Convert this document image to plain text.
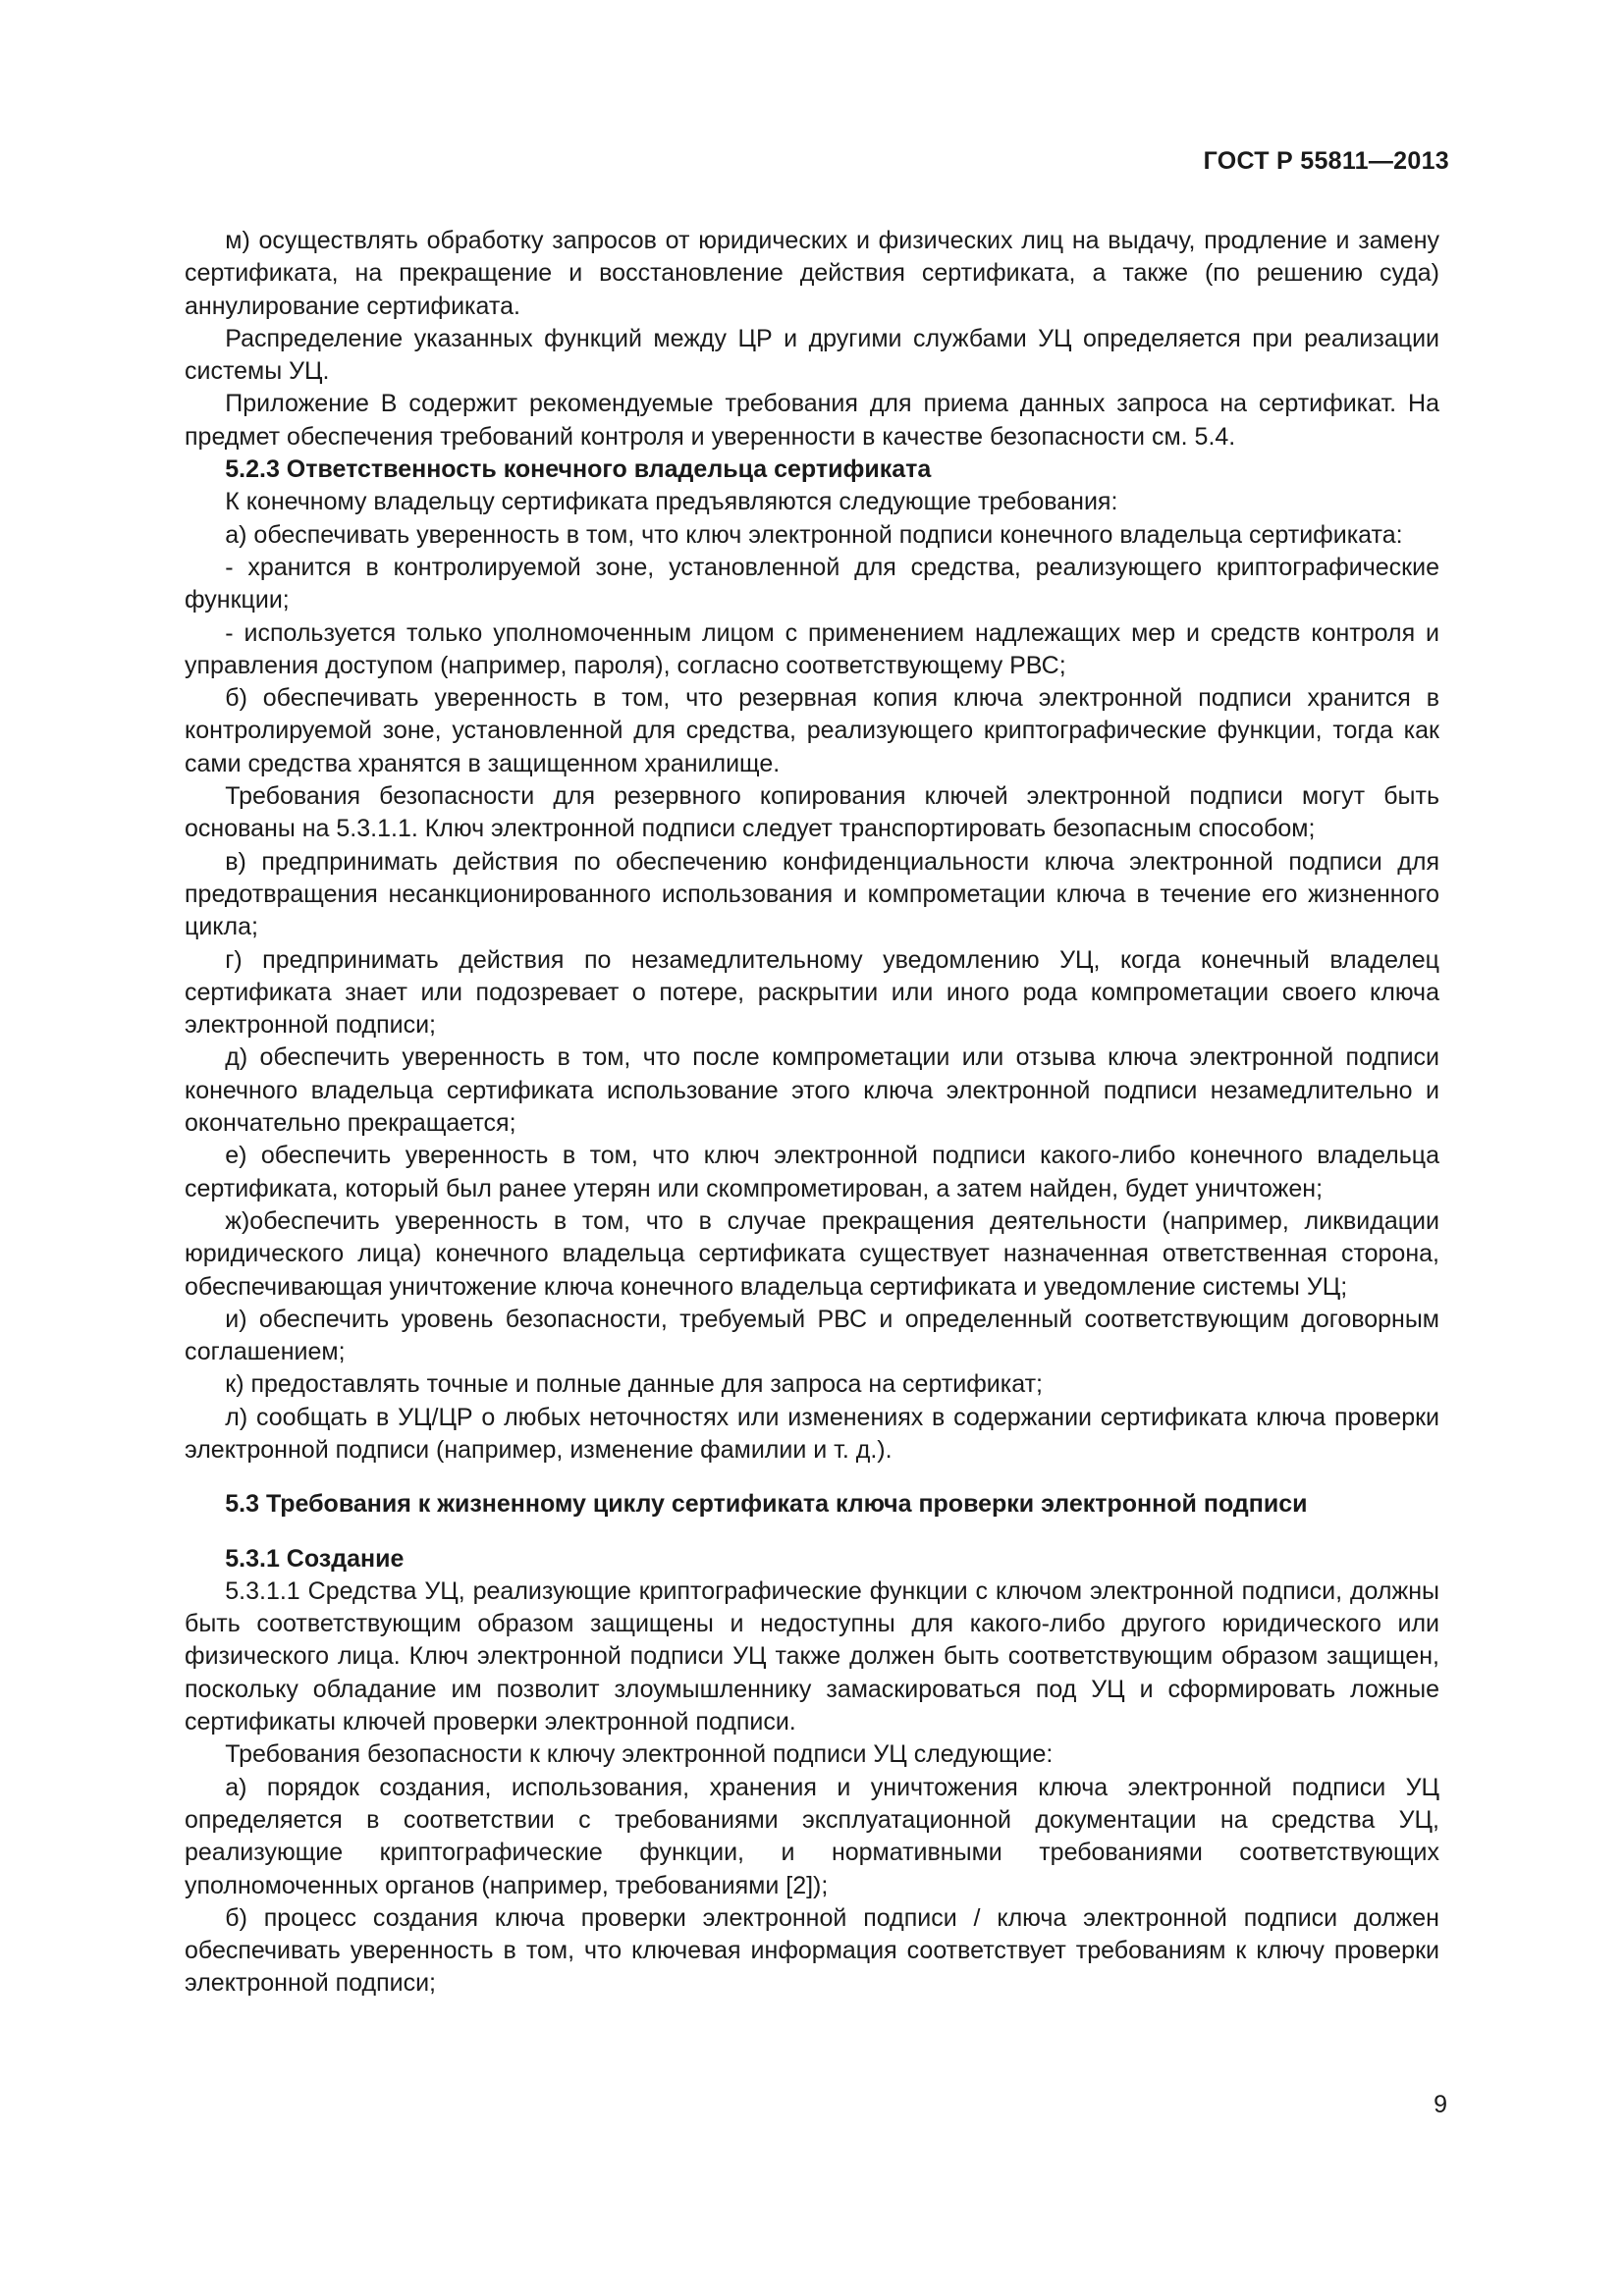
ГОСТ Р 55811—2013

м) осуществлять обработку запросов от юридических и физических лиц на выдачу, продление и замену сертификата, на прекращение и восстановление действия сертификата, а также (по решению суда) аннулирование сертификата.

Распределение указанных функций между ЦР и другими службами УЦ определяется при реализации системы УЦ.

Приложение В содержит рекомендуемые требования для приема данных запроса на сертификат. На предмет обеспечения требований контроля и уверенности в качестве безопасности см. 5.4.

5.2.3 Ответственность конечного владельца сертификата

К конечному владельцу сертификата предъявляются следующие требования:

а) обеспечивать уверенность в том, что ключ электронной подписи конечного владельца сертификата:

- хранится в контролируемой зоне, установленной для средства, реализующего криптографические функции;

- используется только уполномоченным лицом с применением надлежащих мер и средств контроля и управления доступом (например, пароля), согласно соответствующему РВС;

б) обеспечивать уверенность в том, что резервная копия ключа электронной подписи хранится в контролируемой зоне, установленной для средства, реализующего криптографические функции, тогда как сами средства хранятся в защищенном хранилище.

Требования безопасности для резервного копирования ключей электронной подписи могут быть основаны на 5.3.1.1. Ключ электронной подписи следует транспортировать безопасным способом;

в) предпринимать действия по обеспечению конфиденциальности ключа электронной подписи для предотвращения несанкционированного использования и компрометации ключа в течение его жизненного цикла;

г) предпринимать действия по незамедлительному уведомлению УЦ, когда конечный владелец сертификата знает или подозревает о потере, раскрытии или иного рода компрометации своего ключа электронной подписи;

д) обеспечить уверенность в том, что после компрометации или отзыва ключа электронной подписи конечного владельца сертификата использование этого ключа электронной подписи незамедлительно и окончательно прекращается;

е) обеспечить уверенность в том, что ключ электронной подписи какого-либо конечного владельца сертификата, который был ранее утерян или скомпрометирован, а затем найден, будет уничтожен;

ж)обеспечить уверенность в том, что в случае прекращения деятельности (например, ликвидации юридического лица) конечного владельца сертификата существует назначенная ответственная сторона, обеспечивающая уничтожение ключа конечного владельца сертификата и уведомление системы УЦ;

и) обеспечить уровень безопасности, требуемый РВС и определенный соответствующим договорным соглашением;

к) предоставлять точные и полные данные для запроса на сертификат;

л) сообщать в УЦ/ЦР о любых неточностях или изменениях в содержании сертификата ключа проверки электронной подписи (например, изменение фамилии и т. д.).

5.3 Требования к жизненному циклу сертификата ключа проверки электронной подписи

5.3.1 Создание

5.3.1.1 Средства УЦ, реализующие криптографические функции с ключом электронной подписи, должны быть соответствующим образом защищены и недоступны для какого-либо другого юридического или физического лица. Ключ электронной подписи УЦ также должен быть соответствующим образом защищен, поскольку обладание им позволит злоумышленнику замаскироваться под УЦ и сформировать ложные сертификаты ключей проверки электронной подписи.

Требования безопасности к ключу электронной подписи УЦ следующие:

а) порядок создания, использования, хранения и уничтожения ключа электронной подписи УЦ определяется в соответствии с требованиями эксплуатационной документации на средства УЦ, реализующие криптографические функции, и нормативными требованиями соответствующих уполномоченных органов (например, требованиями [2]);

б) процесс создания ключа проверки электронной подписи / ключа электронной подписи должен обеспечивать уверенность в том, что ключевая информация соответствует требованиям к ключу проверки электронной подписи;

9
